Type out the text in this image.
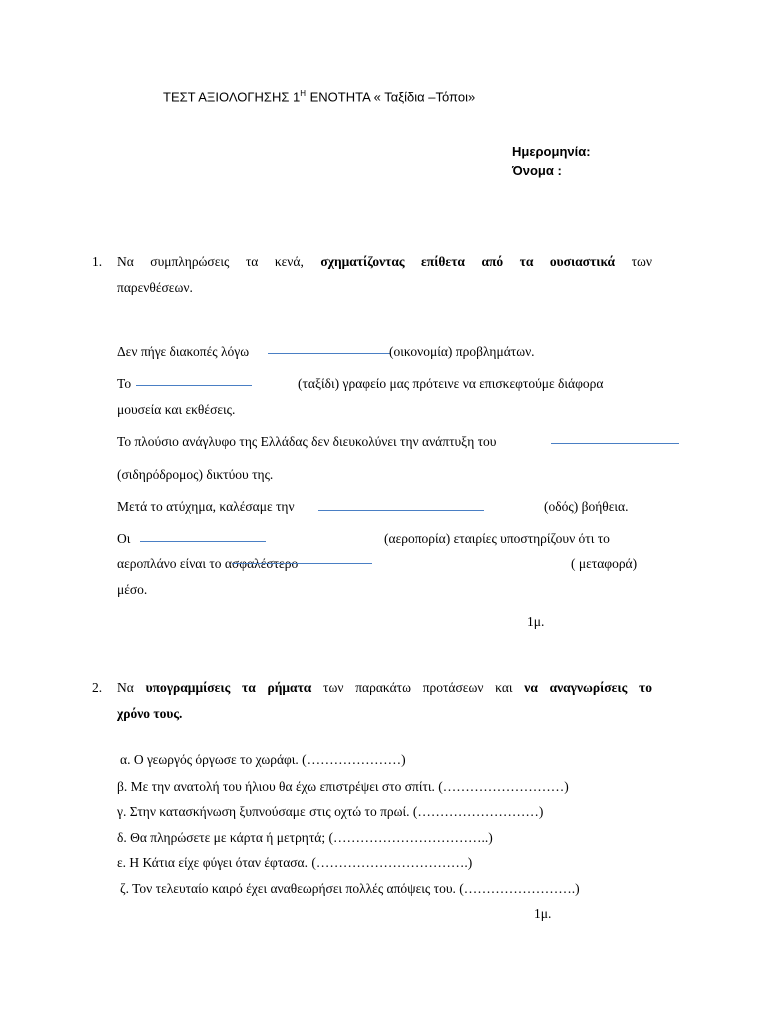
ΤΕΣΤ ΑΞΙΟΛΟΓΗΣΗΣ $1^H$ ΕΝΟΤΗΤΑ « Ταξίδια –Τόποι»
Ημερομηνία:
Όνομα :
1. Να συμπληρώσεις τα κενά, σχηματίζοντας επίθετα από τα ουσιαστικά των
παρενθέσεων.
Δεν πήγε διακοπές λόγω	(οικονομία) προβλημάτων.
Το	(ταξίδι) γραφείο μας πρότεινε να επισκεφτούμε διάφορα
μουσεία και εκθέσεις.
Το πλούσιο ανάγλυφο της Ελλάδας δεν διευκολύνει την ανάπτυξη του
(σιδηρόδρομος) δικτύου της.
Μετά το ατύχημα, καλέσαμε την	(οδός) βοήθεια.
Οι	(αεροπορία) εταιρίες υποστηρίζουν ότι το
αεροπλάνο είναι το ασφαλέστερο	( μεταφορά)
μέσο.
1μ.
2. Να υπογραμμίσεις τα ρήματα των παρακάτω προτάσεων και να αναγνωρίσεις το
χρόνο τους.
α. Ο γεωργός όργωσε το χωράφι. (…………………)
β. Με την ανατολή του ήλιου θα έχω επιστρέψει στο σπίτι. (………………………)
γ. Στην κατασκήνωση ξυπνούσαμε στις οχτώ το πρωί. (………………………)
δ. Θα πληρώσετε με κάρτα ή μετρητά; (……………………………..)
ε. Η Κάτια είχε φύγει όταν έφτασα. (…………………………….)
ζ. Τον τελευταίο καιρό έχει αναθεωρήσει πολλές απόψεις του. (…………………….)
1μ.
